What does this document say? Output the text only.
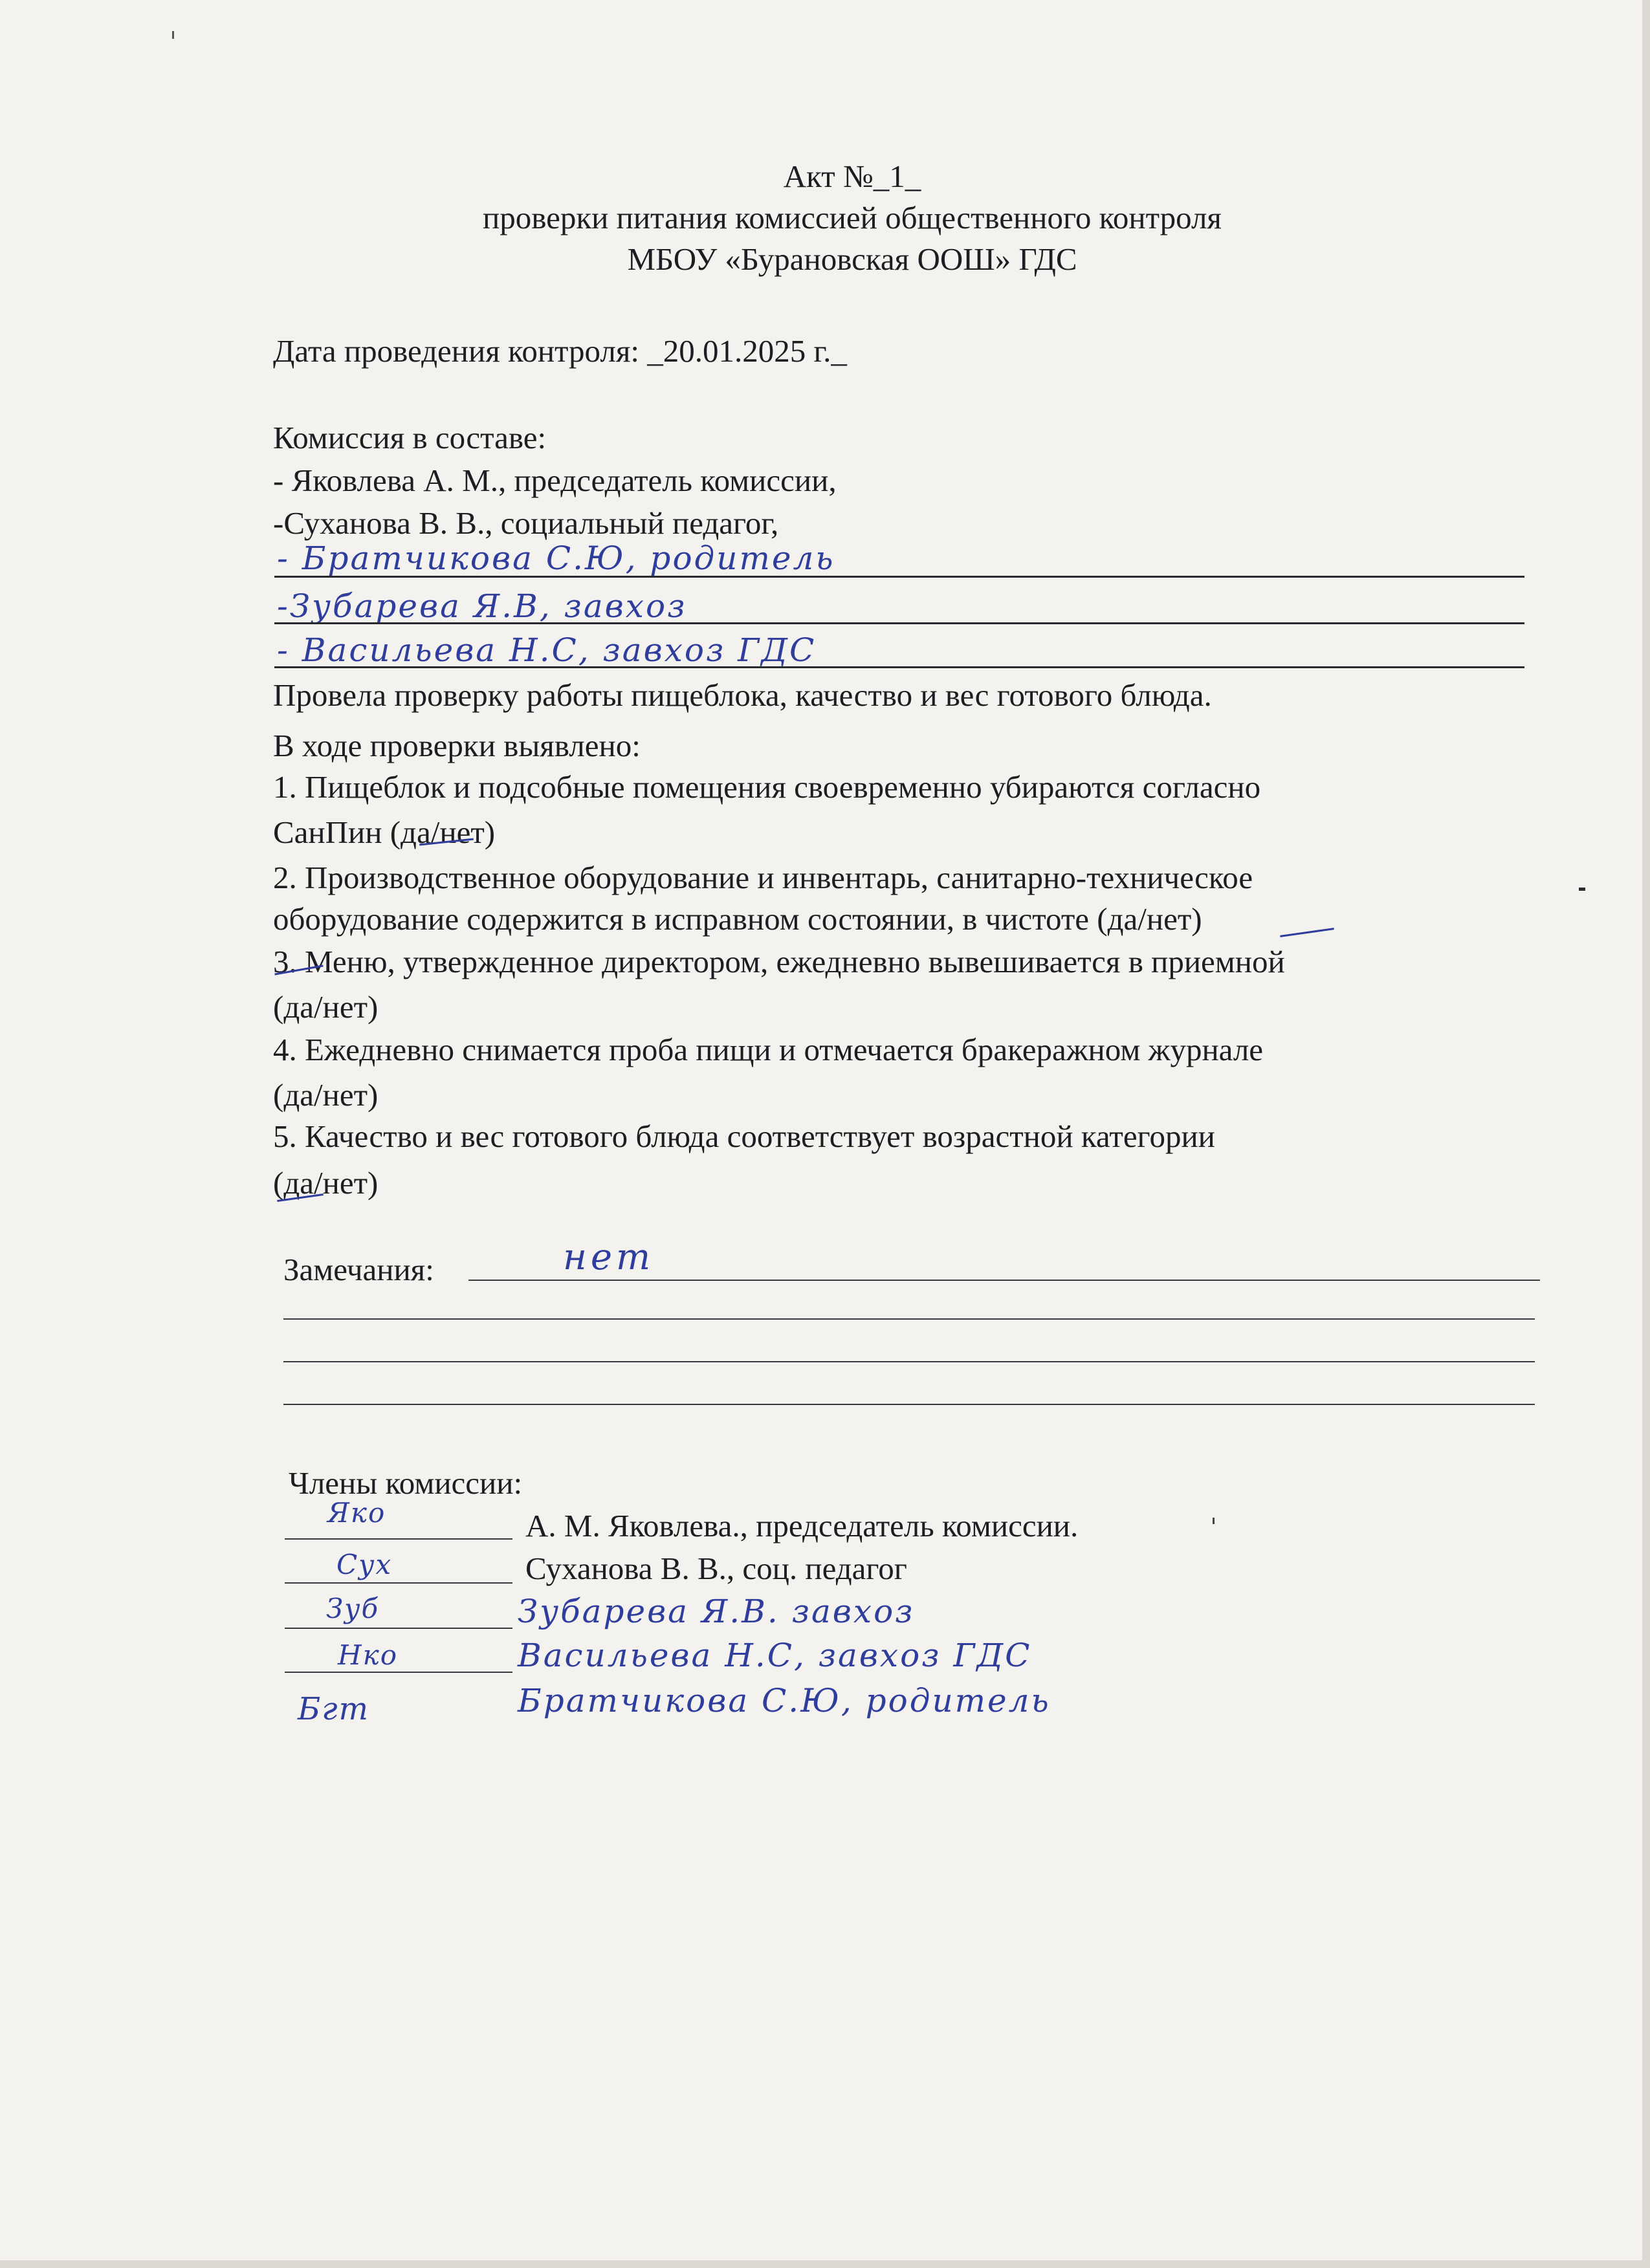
Акт №_1_
проверки питания комиссией общественного контроля
МБОУ «Бурановская ООШ» ГДС
Дата проведения контроля: _20.01.2025 г._
Комиссия в составе:
- Яковлева А. М., председатель комиссии,
-Суханова В. В., социальный педагог,
- Братчикова С.Ю, родитель
-Зубарева Я.В, завхоз
- Васильева Н.С, завхоз ГДС
Провела проверку работы пищеблока, качество и вес готового блюда.
В ходе проверки выявлено:
1. Пищеблок и подсобные помещения своевременно убираются согласно
СанПин (да/нет)
2. Производственное оборудование и инвентарь, санитарно-техническое
оборудование содержится в исправном состоянии, в чистоте (да/нет)
3. Меню, утвержденное директором, ежедневно вывешивается в приемной
(да/нет)
4. Ежедневно снимается проба пищи и отмечается бракеражном журнале
(да/нет)
5. Качество и вес готового блюда соответствует возрастной категории
(да/нет)
Замечания:	нет
Члены комиссии:
Яко	А. М. Яковлева., председатель комиссии.
Сух	Суханова В. В., соц. педагог
Зуб	Зубарева Я.В. завхоз
Нко	Васильева Н.С, завхоз ГДС
Бгт	Братчикова С.Ю, родитель
